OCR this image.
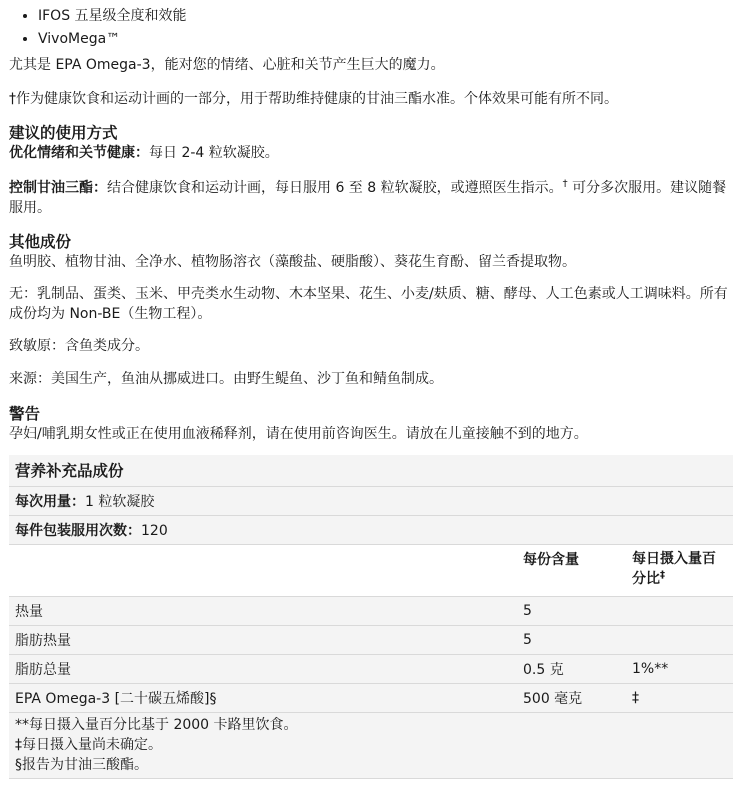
• IFOS 五星级全度和效能
• VivoMega™
尤其是 EPA Omega-3，能对您的情绪、心脏和关节产生巨大的魔力。
†作为健康饮食和运动计画的一部分，用于帮助维持健康的甘油三酯水准。个体效果可能有所不同。
建议的使用方式
优化情绪和关节健康：每日 2-4 粒软凝胶。
控制甘油三酯：结合健康饮食和运动计画，每日服用 6 至 8 粒软凝胶，或遵照医生指示。† 可分多次服用。建议随餐服用。
其他成份
鱼明胶、植物甘油、全净水、植物肠溶衣（藻酸盐、硬脂酸）、葵花生育酚、留兰香提取物。
无：乳制品、蛋类、玉米、甲壳类水生动物、木本坚果、花生、小麦/麸质、糖、酵母、人工色素或人工调味料。所有成份均为 Non-BE（生物工程）。
致敏原：含鱼类成分。
来源：美国生产，鱼油从挪威进口。由野生鳀鱼、沙丁鱼和鲭鱼制成。
警告
孕妇/哺乳期女性或正在使用血液稀释剂，请在使用前咨询医生。请放在儿童接触不到的地方。
营养补充品成份		
每次用量：1 粒软凝胶		
每件包装服用次数：120		
	每份含量	每日摄入量百分比‡
热量	5	
脂肪热量	5	
脂肪总量	0.5 克	1%**
EPA Omega-3 [二十碳五烯酸]§	500 毫克	‡

**每日摄入量百分比基于 2000 卡路里饮食。
‡每日摄入量尚未确定。
§报告为甘油三酸酯。		
